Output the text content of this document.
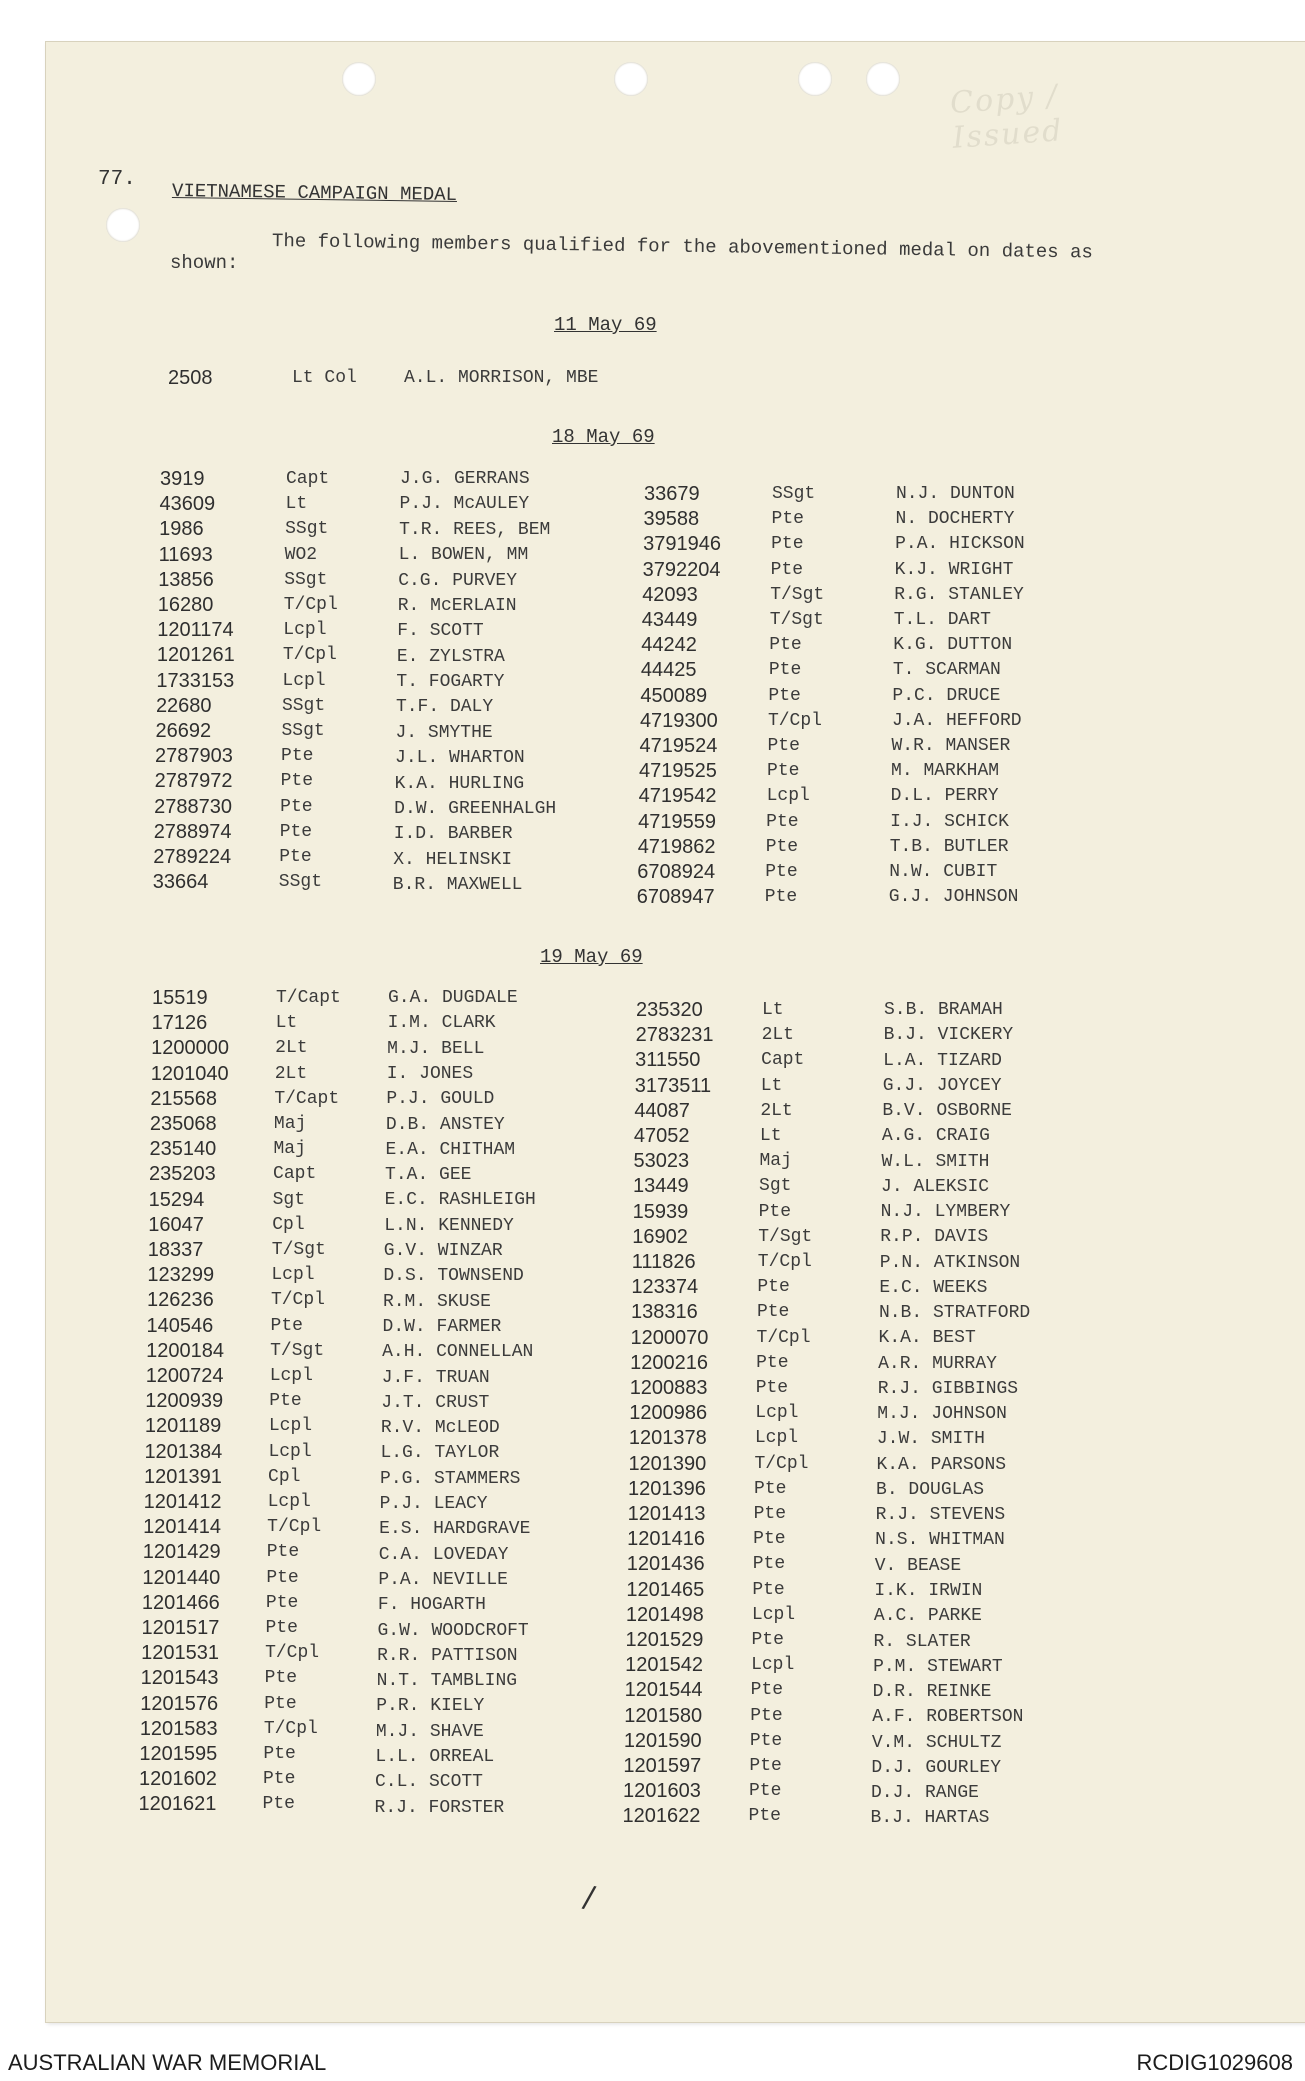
Copy / Issued
77.
VIETNAMESE CAMPAIGN MEDAL
The following members qualified for the abovementioned medal on dates as
shown:
11 May 69
2508	Lt Col	A.L. MORRISON, MBE
18 May 69
3919	Capt	J.G. GERRANS
43609	Lt	P.J. McAULEY
1986	SSgt	T.R. REES, BEM
11693	WO2	L. BOWEN, MM
13856	SSgt	C.G. PURVEY
16280	T/Cpl	R. McERLAIN
1201174	Lcpl	F. SCOTT
1201261	T/Cpl	E. ZYLSTRA
1733153	Lcpl	T. FOGARTY
22680	SSgt	T.F. DALY
26692	SSgt	J. SMYTHE
2787903	Pte	J.L. WHARTON
2787972	Pte	K.A. HURLING
2788730	Pte	D.W. GREENHALGH
2788974	Pte	I.D. BARBER
2789224	Pte	X. HELINSKI
33664	SSgt	B.R. MAXWELL
33679	SSgt	N.J. DUNTON
39588	Pte	N. DOCHERTY
3791946	Pte	P.A. HICKSON
3792204	Pte	K.J. WRIGHT
42093	T/Sgt	R.G. STANLEY
43449	T/Sgt	T.L. DART
44242	Pte	K.G. DUTTON
44425	Pte	T. SCARMAN
450089	Pte	P.C. DRUCE
4719300	T/Cpl	J.A. HEFFORD
4719524	Pte	W.R. MANSER
4719525	Pte	M. MARKHAM
4719542	Lcpl	D.L. PERRY
4719559	Pte	I.J. SCHICK
4719862	Pte	T.B. BUTLER
6708924	Pte	N.W. CUBIT
6708947	Pte	G.J. JOHNSON
19 May 69
15519	T/Capt	G.A. DUGDALE
17126	Lt	I.M. CLARK
1200000	2Lt	M.J. BELL
1201040	2Lt	I. JONES
215568	T/Capt	P.J. GOULD
235068	Maj	D.B. ANSTEY
235140	Maj	E.A. CHITHAM
235203	Capt	T.A. GEE
15294	Sgt	E.C. RASHLEIGH
16047	Cpl	L.N. KENNEDY
18337	T/Sgt	G.V. WINZAR
123299	Lcpl	D.S. TOWNSEND
126236	T/Cpl	R.M. SKUSE
140546	Pte	D.W. FARMER
1200184	T/Sgt	A.H. CONNELLAN
1200724	Lcpl	J.F. TRUAN
1200939	Pte	J.T. CRUST
1201189	Lcpl	R.V. McLEOD
1201384	Lcpl	L.G. TAYLOR
1201391	Cpl	P.G. STAMMERS
1201412	Lcpl	P.J. LEACY
1201414	T/Cpl	E.S. HARDGRAVE
1201429	Pte	C.A. LOVEDAY
1201440	Pte	P.A. NEVILLE
1201466	Pte	F. HOGARTH
1201517	Pte	G.W. WOODCROFT
1201531	T/Cpl	R.R. PATTISON
1201543	Pte	N.T. TAMBLING
1201576	Pte	P.R. KIELY
1201583	T/Cpl	M.J. SHAVE
1201595	Pte	L.L. ORREAL
1201602	Pte	C.L. SCOTT
1201621	Pte	R.J. FORSTER
235320	Lt	S.B. BRAMAH
2783231	2Lt	B.J. VICKERY
311550	Capt	L.A. TIZARD
3173511	Lt	G.J. JOYCEY
44087	2Lt	B.V. OSBORNE
47052	Lt	A.G. CRAIG
53023	Maj	W.L. SMITH
13449	Sgt	J. ALEKSIC
15939	Pte	N.J. LYMBERY
16902	T/Sgt	R.P. DAVIS
111826	T/Cpl	P.N. ATKINSON
123374	Pte	E.C. WEEKS
138316	Pte	N.B. STRATFORD
1200070	T/Cpl	K.A. BEST
1200216	Pte	A.R. MURRAY
1200883	Pte	R.J. GIBBINGS
1200986	Lcpl	M.J. JOHNSON
1201378	Lcpl	J.W. SMITH
1201390	T/Cpl	K.A. PARSONS
1201396	Pte	B. DOUGLAS
1201413	Pte	R.J. STEVENS
1201416	Pte	N.S. WHITMAN
1201436	Pte	V. BEASE
1201465	Pte	I.K. IRWIN
1201498	Lcpl	A.C. PARKE
1201529	Pte	R. SLATER
1201542	Lcpl	P.M. STEWART
1201544	Pte	D.R. REINKE
1201580	Pte	A.F. ROBERTSON
1201590	Pte	V.M. SCHULTZ
1201597	Pte	D.J. GOURLEY
1201603	Pte	D.J. RANGE
1201622	Pte	B.J. HARTAS
/
AUSTRALIAN WAR MEMORIAL	RCDIG1029608
